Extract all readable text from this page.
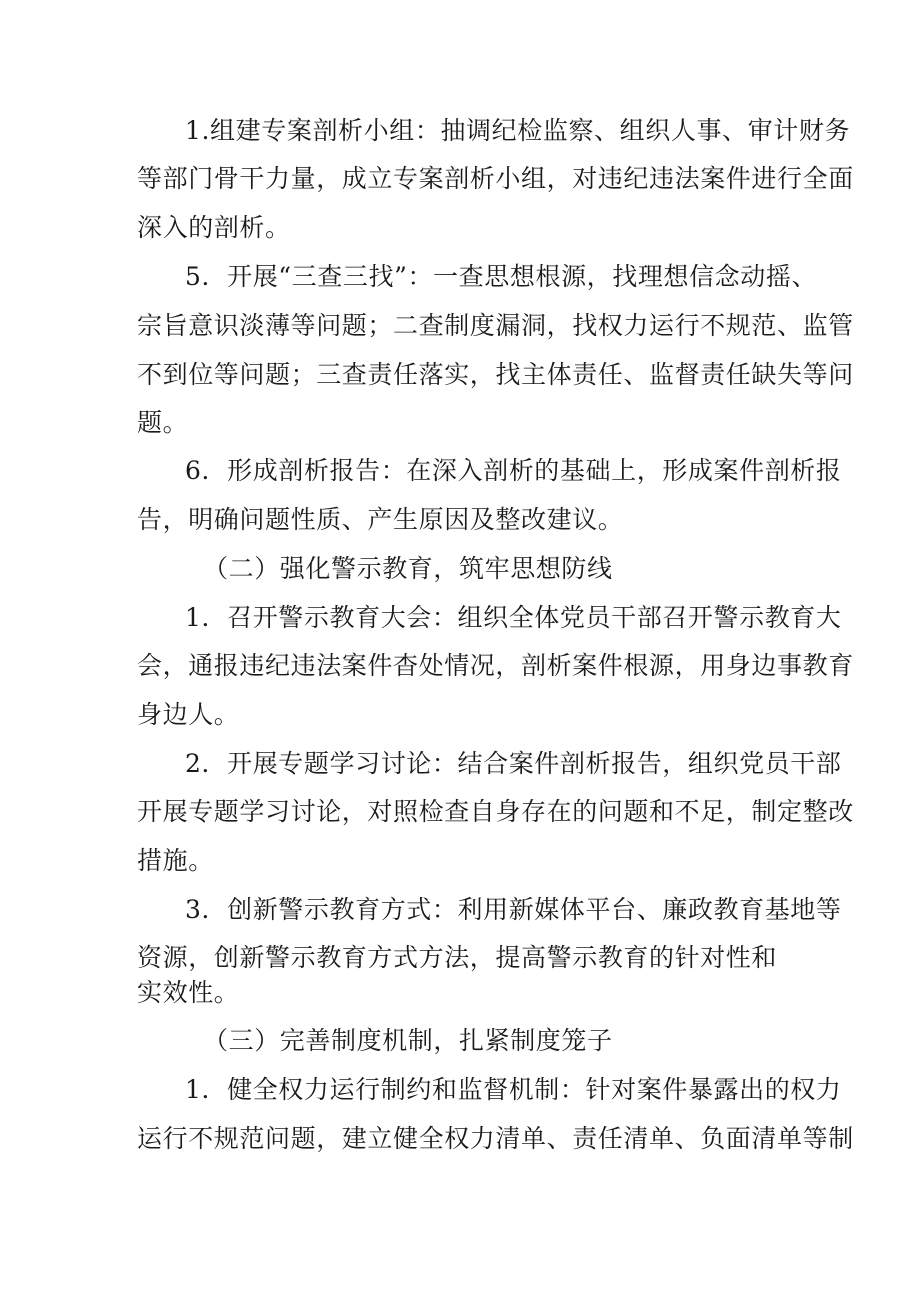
1.组建专案剖析小组：抽调纪检监察、组织人事、审计财务
等部门骨干力量，成立专案剖析小组，对违纪违法案件进行全面
深入的剖析。
5．开展“三查三找”：一查思想根源，找理想信念动摇、
宗旨意识淡薄等问题；二查制度漏洞，找权力运行不规范、监管
不到位等问题；三查责任落实，找主体责任、监督责任缺失等问
题。
6．形成剖析报告：在深入剖析的基础上，形成案件剖析报
告，明确问题性质、产生原因及整改建议。
（二）强化警示教育，筑牢思想防线
1．召开警示教育大会：组织全体党员干部召开警示教育大
会，通报违纪违法案件杳处情况，剖析案件根源，用身边事教育
身边人。
2．开展专题学习讨论：结合案件剖析报告，组织党员干部
开展专题学习讨论，对照检查自身存在的问题和不足，制定整改
措施。
3．创新警示教育方式：利用新媒体平台、廉政教育基地等
资源，创新警示教育方式方法，提高警示教育的针对性和
实效性。
（三）完善制度机制，扎紧制度笼子
1．健全权力运行制约和监督机制：针对案件暴露出的权力
运行不规范问题，建立健全权力清单、责任清单、负面清单等制
